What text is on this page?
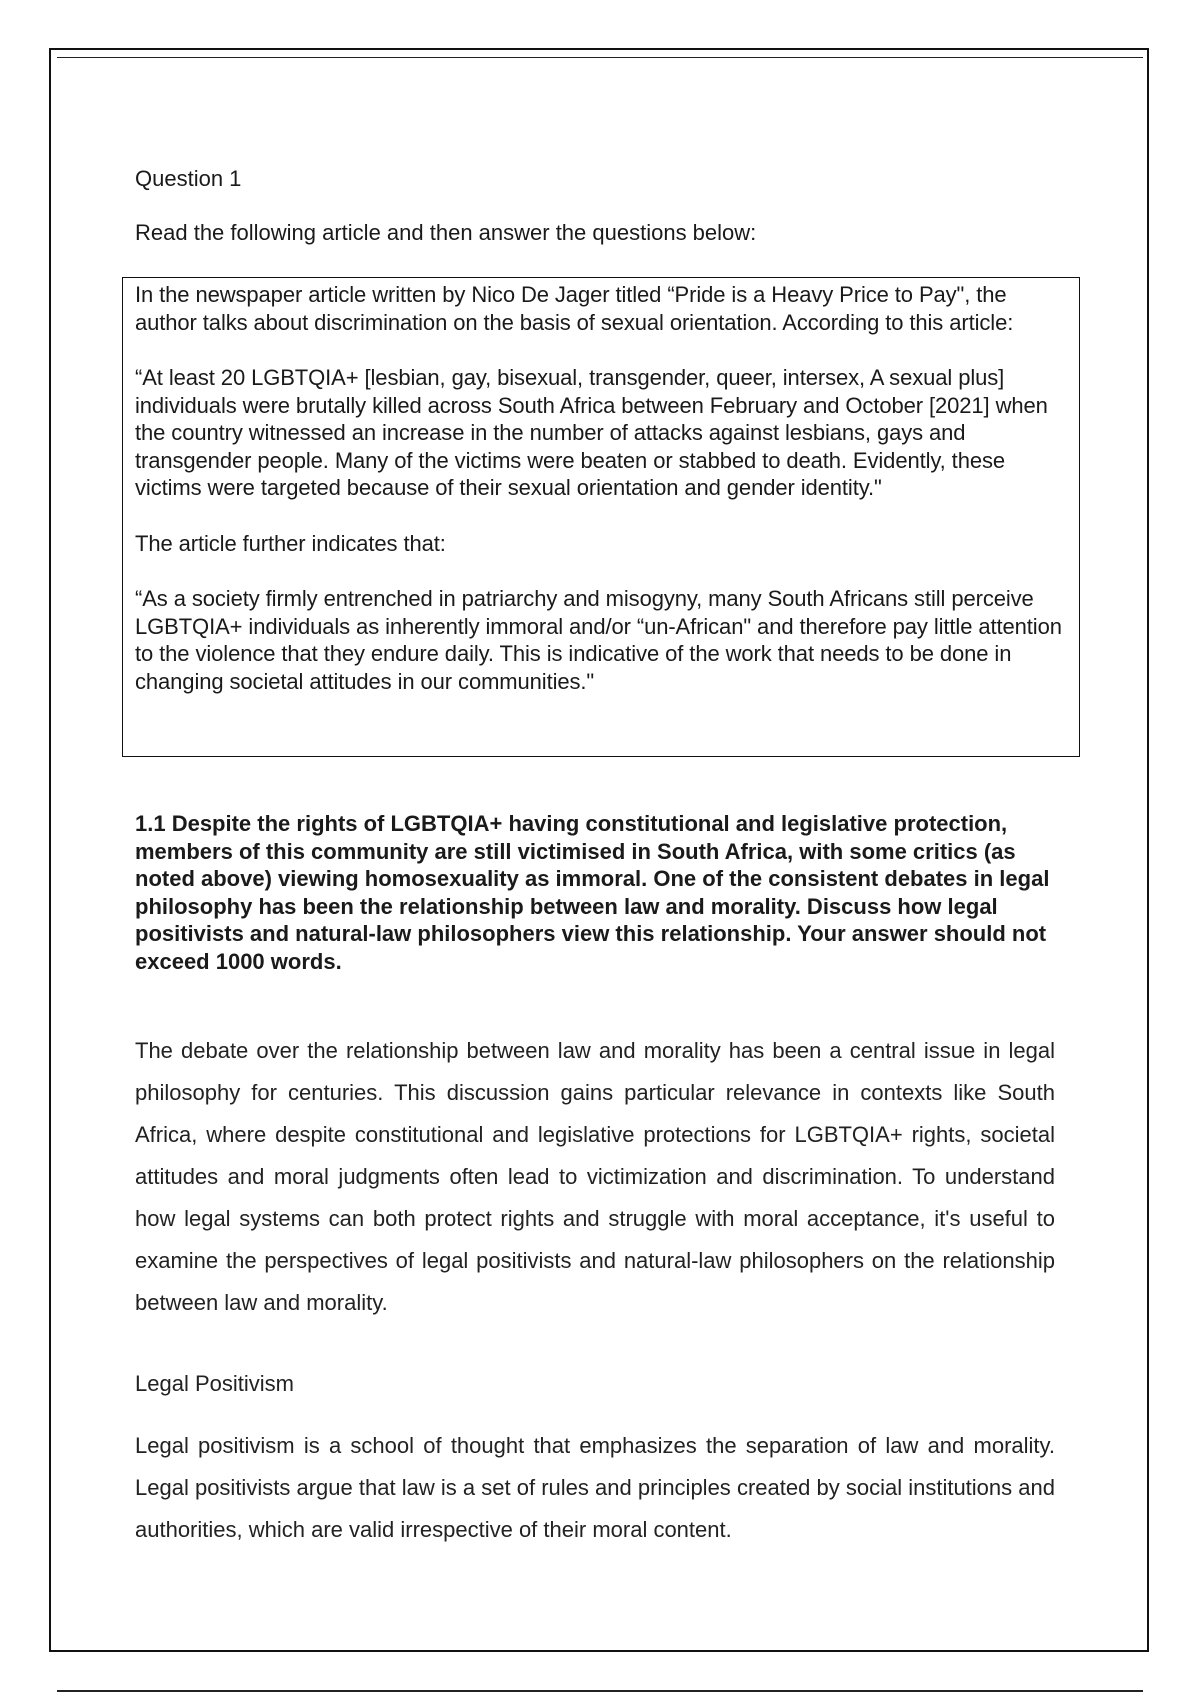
Question 1

Read the following article and then answer the questions below:

In the newspaper article written by Nico De Jager titled “Pride is a Heavy Price to Pay", the author talks about discrimination on the basis of sexual orientation. According to this article:

“At least 20 LGBTQIA+ [lesbian, gay, bisexual, transgender, queer, intersex, A sexual plus] individuals were brutally killed across South Africa between February and October [2021] when the country witnessed an increase in the number of attacks against lesbians, gays and transgender people. Many of the victims were beaten or stabbed to death. Evidently, these victims were targeted because of their sexual orientation and gender identity."

The article further indicates that:

“As a society firmly entrenched in patriarchy and misogyny, many South Africans still perceive LGBTQIA+ individuals as inherently immoral and/or “un-African" and therefore pay little attention to the violence that they endure daily. This is indicative of the work that needs to be done in changing societal attitudes in our communities."

1.1 Despite the rights of LGBTQIA+ having constitutional and legislative protection, members of this community are still victimised in South Africa, with some critics (as noted above) viewing homosexuality as immoral. One of the consistent debates in legal philosophy has been the relationship between law and morality. Discuss how legal positivists and natural-law philosophers view this relationship. Your answer should not exceed 1000 words.

The debate over the relationship between law and morality has been a central issue in legal philosophy for centuries. This discussion gains particular relevance in contexts like South Africa, where despite constitutional and legislative protections for LGBTQIA+ rights, societal attitudes and moral judgments often lead to victimization and discrimination. To understand how legal systems can both protect rights and struggle with moral acceptance, it's useful to examine the perspectives of legal positivists and natural-law philosophers on the relationship between law and morality.

Legal Positivism

Legal positivism is a school of thought that emphasizes the separation of law and morality. Legal positivists argue that law is a set of rules and principles created by social institutions and authorities, which are valid irrespective of their moral content.
